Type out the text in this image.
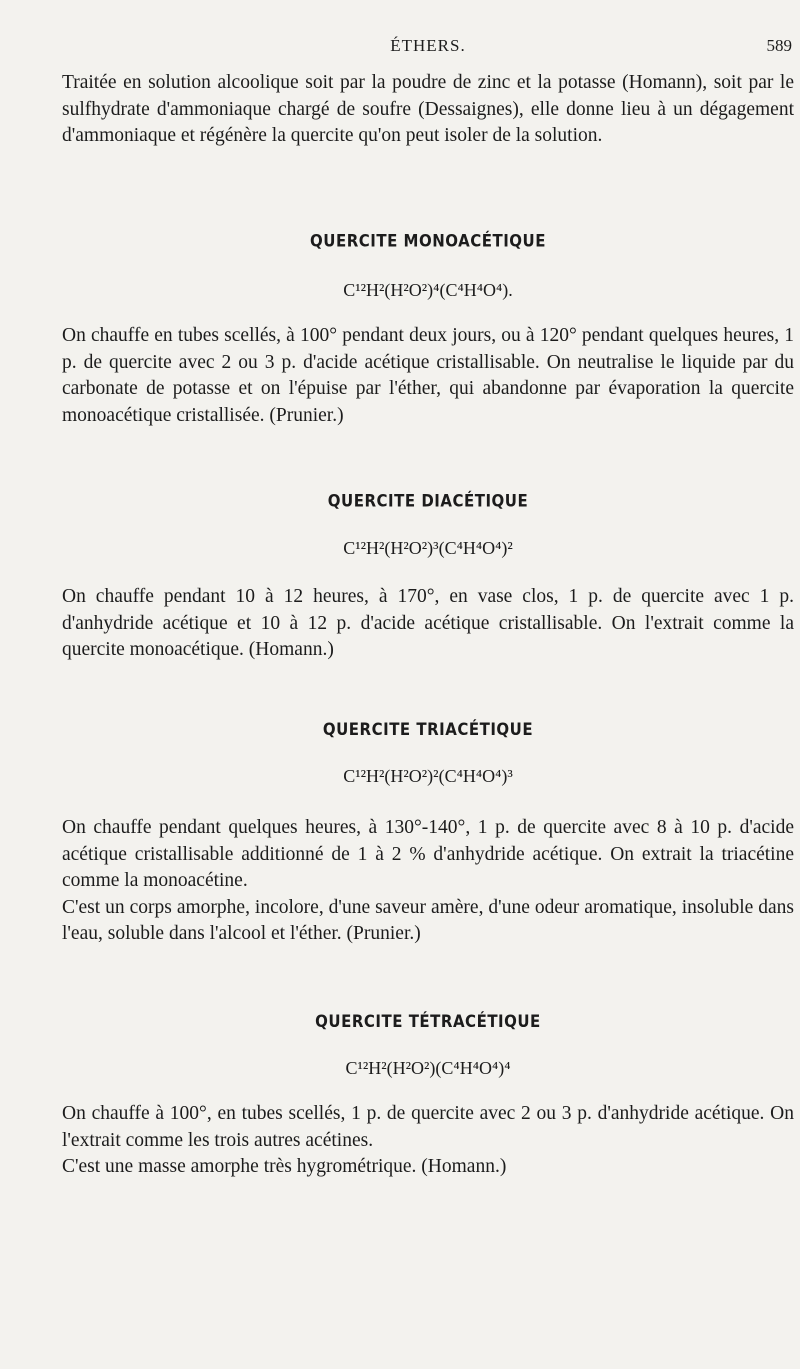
ÉTHERS.	589

Traitée en solution alcoolique soit par la poudre de zinc et la potasse (Homann), soit par le sulfhydrate d'ammoniaque chargé de soufre (Dessaignes), elle donne lieu à un dégagement d'ammoniaque et régénère la quercite qu'on peut isoler de la solution.

QUERCITE MONOACÉTIQUE
C¹²H²(H²O²)⁴(C⁴H⁴O⁴).

On chauffe en tubes scellés, à 100° pendant deux jours, ou à 120° pendant quelques heures, 1 p. de quercite avec 2 ou 3 p. d'acide acétique cristallisable. On neutralise le liquide par du carbonate de potasse et on l'épuise par l'éther, qui abandonne par évaporation la quercite monoacétique cristallisée. (Prunier.)

QUERCITE DIACÉTIQUE
C¹²H²(H²O²)³(C⁴H⁴O⁴)²

On chauffe pendant 10 à 12 heures, à 170°, en vase clos, 1 p. de quercite avec 1 p. d'anhydride acétique et 10 à 12 p. d'acide acétique cristallisable. On l'extrait comme la quercite monoacétique. (Homann.)

QUERCITE TRIACÉTIQUE
C¹²H²(H²O²)²(C⁴H⁴O⁴)³

On chauffe pendant quelques heures, à 130°-140°, 1 p. de quercite avec 8 à 10 p. d'acide acétique cristallisable additionné de 1 à 2 % d'anhydride acétique. On extrait la triacétine comme la monoacétine.

C'est un corps amorphe, incolore, d'une saveur amère, d'une odeur aromatique, insoluble dans l'eau, soluble dans l'alcool et l'éther. (Prunier.)

QUERCITE TÉTRACÉTIQUE
C¹²H²(H²O²)(C⁴H⁴O⁴)⁴

On chauffe à 100°, en tubes scellés, 1 p. de quercite avec 2 ou 3 p. d'anhydride acétique. On l'extrait comme les trois autres acétines.

C'est une masse amorphe très hygrométrique. (Homann.)
